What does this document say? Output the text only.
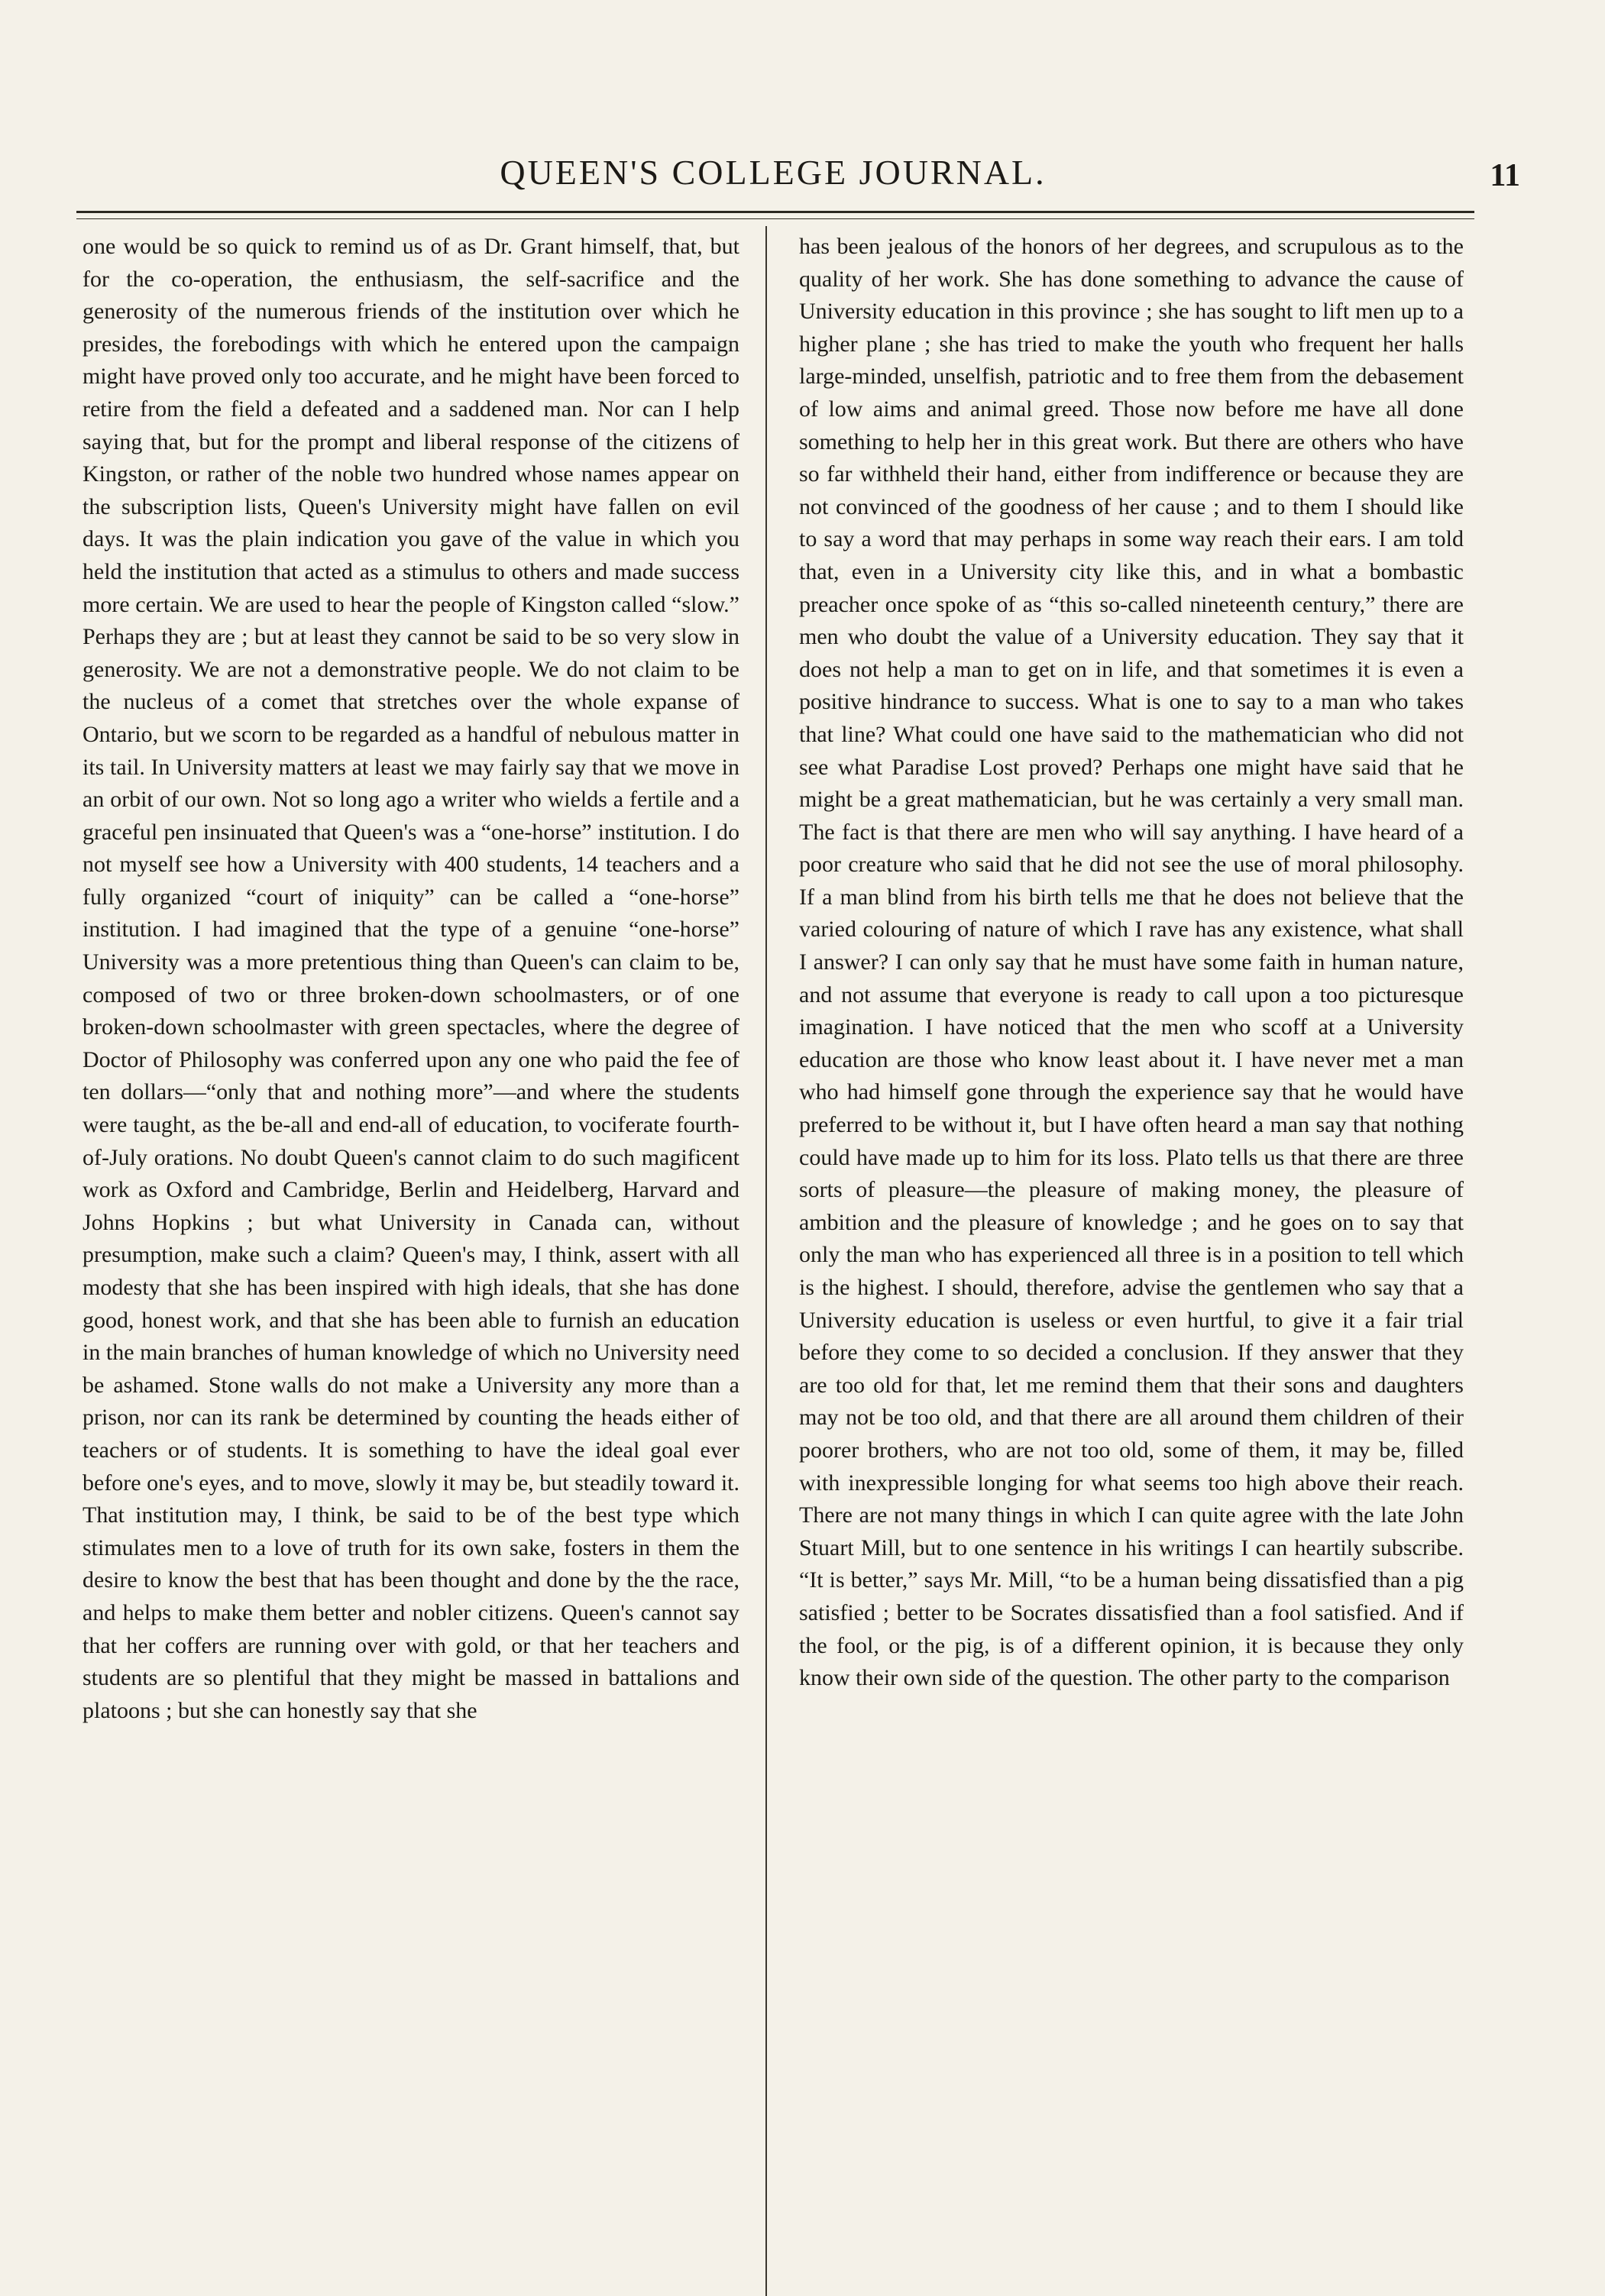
QUEEN'S COLLEGE JOURNAL.	11

one would be so quick to remind us of as Dr. Grant himself, that, but for the co-operation, the enthusiasm, the self-sacrifice and the generosity of the numerous friends of the institution over which he presides, the forebodings with which he entered upon the campaign might have proved only too accurate, and he might have been forced to retire from the field a defeated and a saddened man. Nor can I help saying that, but for the prompt and liberal response of the citizens of Kingston, or rather of the noble two hundred whose names appear on the subscription lists, Queen's University might have fallen on evil days. It was the plain indication you gave of the value in which you held the institution that acted as a stimulus to others and made success more certain. We are used to hear the people of Kingston called “slow.” Perhaps they are ; but at least they cannot be said to be so very slow in generosity. We are not a demonstrative people. We do not claim to be the nucleus of a comet that stretches over the whole expanse of Ontario, but we scorn to be regarded as a handful of nebulous matter in its tail. In University matters at least we may fairly say that we move in an orbit of our own. Not so long ago a writer who wields a fertile and a graceful pen insinuated that Queen's was a “one-horse” institution. I do not myself see how a University with 400 students, 14 teachers and a fully organized “court of iniquity” can be called a “one-horse” institution. I had imagined that the type of a genuine “one-horse” University was a more pretentious thing than Queen's can claim to be, composed of two or three broken-down schoolmasters, or of one broken-down schoolmaster with green spectacles, where the degree of Doctor of Philosophy was conferred upon any one who paid the fee of ten dollars—“only that and nothing more”—and where the students were taught, as the be-all and end-all of education, to vociferate fourth-of-July orations. No doubt Queen's cannot claim to do such magificent work as Oxford and Cambridge, Berlin and Heidelberg, Harvard and Johns Hopkins ; but what University in Canada can, without presumption, make such a claim? Queen's may, I think, assert with all modesty that she has been inspired with high ideals, that she has done good, honest work, and that she has been able to furnish an education in the main branches of human knowledge of which no University need be ashamed. Stone walls do not make a University any more than a prison, nor can its rank be determined by counting the heads either of teachers or of students. It is something to have the ideal goal ever before one's eyes, and to move, slowly it may be, but steadily toward it. That institution may, I think, be said to be of the best type which stimulates men to a love of truth for its own sake, fosters in them the desire to know the best that has been thought and done by the the race, and helps to make them better and nobler citizens. Queen's cannot say that her coffers are running over with gold, or that her teachers and students are so plentiful that they might be massed in battalions and platoons ; but she can honestly say that she

has been jealous of the honors of her degrees, and scrupulous as to the quality of her work. She has done something to advance the cause of University education in this province ; she has sought to lift men up to a higher plane ; she has tried to make the youth who frequent her halls large-minded, unselfish, patriotic and to free them from the debasement of low aims and animal greed. Those now before me have all done something to help her in this great work. But there are others who have so far withheld their hand, either from indifference or because they are not convinced of the goodness of her cause ; and to them I should like to say a word that may perhaps in some way reach their ears. I am told that, even in a University city like this, and in what a bombastic preacher once spoke of as “this so-called nineteenth century,” there are men who doubt the value of a University education. They say that it does not help a man to get on in life, and that sometimes it is even a positive hindrance to success. What is one to say to a man who takes that line? What could one have said to the mathematician who did not see what Paradise Lost proved? Perhaps one might have said that he might be a great mathematician, but he was certainly a very small man. The fact is that there are men who will say anything. I have heard of a poor creature who said that he did not see the use of moral philosophy. If a man blind from his birth tells me that he does not believe that the varied colouring of nature of which I rave has any existence, what shall I answer? I can only say that he must have some faith in human nature, and not assume that everyone is ready to call upon a too picturesque imagination. I have noticed that the men who scoff at a University education are those who know least about it. I have never met a man who had himself gone through the experience say that he would have preferred to be without it, but I have often heard a man say that nothing could have made up to him for its loss. Plato tells us that there are three sorts of pleasure—the pleasure of making money, the pleasure of ambition and the pleasure of knowledge ; and he goes on to say that only the man who has experienced all three is in a position to tell which is the highest. I should, therefore, advise the gentlemen who say that a University education is useless or even hurtful, to give it a fair trial before they come to so decided a conclusion. If they answer that they are too old for that, let me remind them that their sons and daughters may not be too old, and that there are all around them children of their poorer brothers, who are not too old, some of them, it may be, filled with inexpressible longing for what seems too high above their reach. There are not many things in which I can quite agree with the late John Stuart Mill, but to one sentence in his writings I can heartily subscribe. “It is better,” says Mr. Mill, “to be a human being dissatisfied than a pig satisfied ; better to be Socrates dissatisfied than a fool satisfied. And if the fool, or the pig, is of a different opinion, it is because they only know their own side of the question. The other party to the comparison
